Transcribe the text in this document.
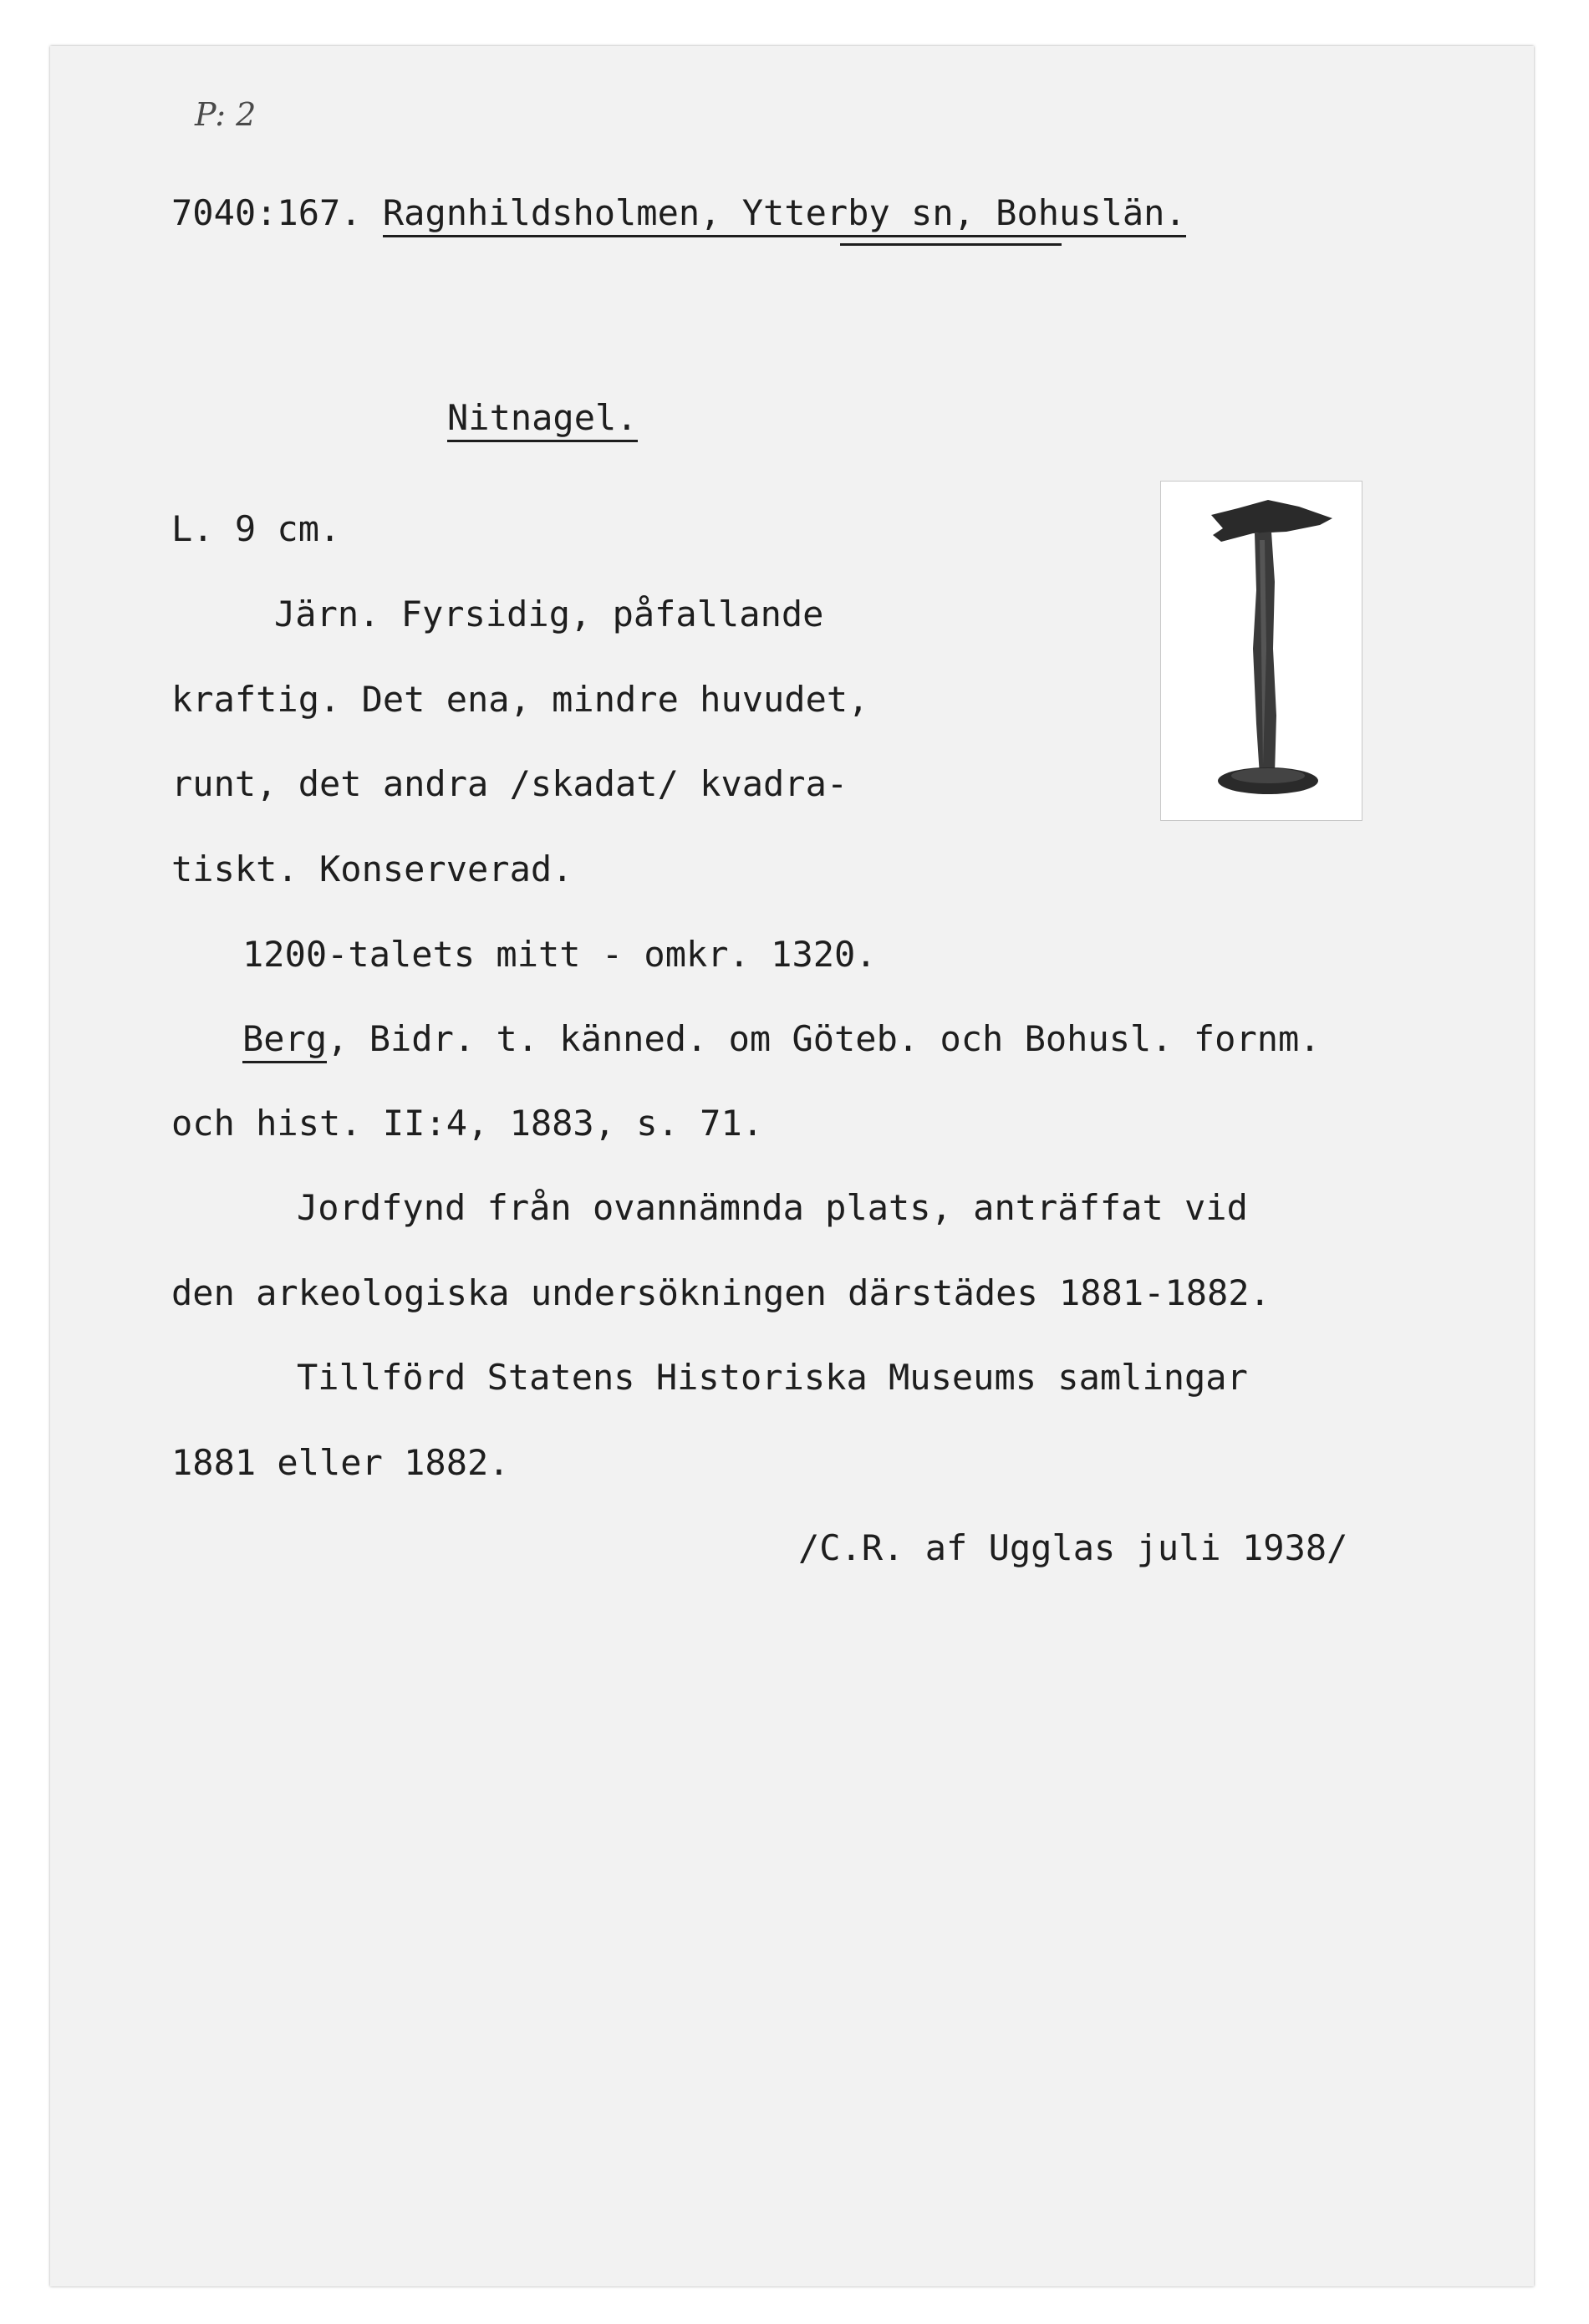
P: 2
7040:167. Ragnhildsholmen, Ytterby sn, Bohuslän.
Nitnagel.
L. 9 cm.
Järn. Fyrsidig, påfallande
kraftig. Det ena, mindre huvudet,
runt, det andra /skadat/ kvadra-
tiskt. Konserverad.
1200-talets mitt - omkr. 1320.
Berg, Bidr. t. känned. om Göteb. och Bohusl. fornm.
och hist. II:4, 1883, s. 71.
Jordfynd från ovannämnda plats, anträffat vid
den arkeologiska undersökningen därstädes 1881-1882.
Tillförd Statens Historiska Museums samlingar
1881 eller 1882.
/C.R. af Ugglas juli 1938/
